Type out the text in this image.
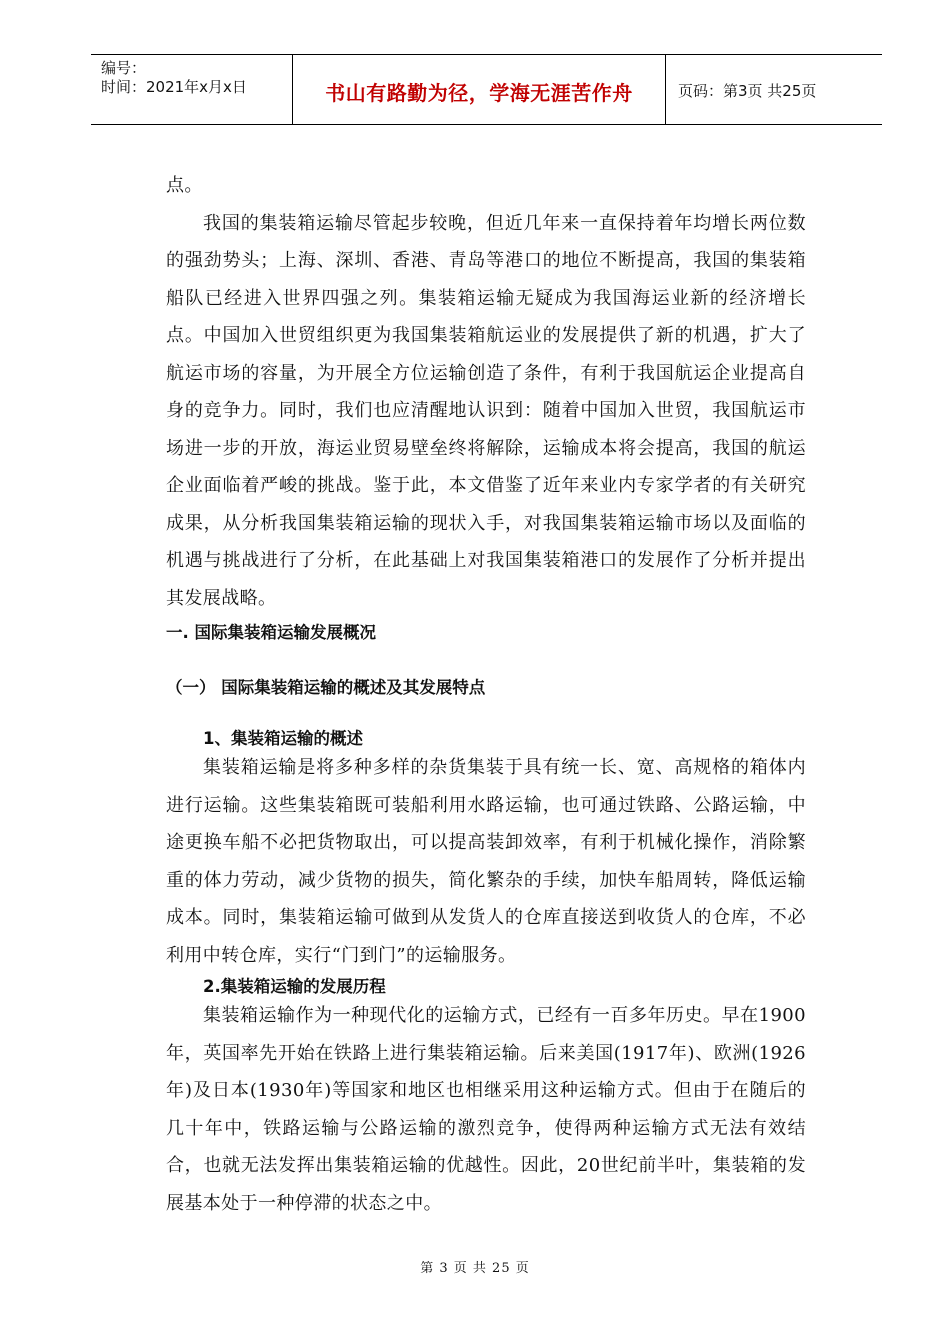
编号：
时间：2021年x月x日	书山有路勤为径，学海无涯苦作舟	页码：第3页 共25页

点。

我国的集装箱运输尽管起步较晚，但近几年来一直保持着年均增长两位数的强劲势头；上海、深圳、香港、青岛等港口的地位不断提高，我国的集装箱船队已经进入世界四强之列。集装箱运输无疑成为我国海运业新的经济增长点。中国加入世贸组织更为我国集装箱航运业的发展提供了新的机遇，扩大了航运市场的容量，为开展全方位运输创造了条件，有利于我国航运企业提高自身的竞争力。同时，我们也应清醒地认识到：随着中国加入世贸，我国航运市场进一步的开放，海运业贸易壁垒终将解除，运输成本将会提高，我国的航运企业面临着严峻的挑战。鉴于此，本文借鉴了近年来业内专家学者的有关研究成果，从分析我国集装箱运输的现状入手，对我国集装箱运输市场以及面临的机遇与挑战进行了分析，在此基础上对我国集装箱港口的发展作了分析并提出其发展战略。

一. 国际集装箱运输发展概况

（一） 国际集装箱运输的概述及其发展特点

1、集装箱运输的概述

集装箱运输是将多种多样的杂货集装于具有统一长、宽、高规格的箱体内进行运输。这些集装箱既可装船利用水路运输，也可通过铁路、公路运输，中途更换车船不必把货物取出，可以提高装卸效率，有利于机械化操作，消除繁重的体力劳动，减少货物的损失，简化繁杂的手续，加快车船周转，降低运输成本。同时，集装箱运输可做到从发货人的仓库直接送到收货人的仓库，不必利用中转仓库，实行“门到门”的运输服务。

2.集装箱运输的发展历程

集装箱运输作为一种现代化的运输方式，已经有一百多年历史。早在1900年，英国率先开始在铁路上进行集装箱运输。后来美国(1917年)、欧洲(1926年)及日本(1930年)等国家和地区也相继采用这种运输方式。但由于在随后的几十年中，铁路运输与公路运输的激烈竞争，使得两种运输方式无法有效结合，也就无法发挥出集装箱运输的优越性。因此，20世纪前半叶，集装箱的发展基本处于一种停滞的状态之中。

第 3 页 共 25 页
